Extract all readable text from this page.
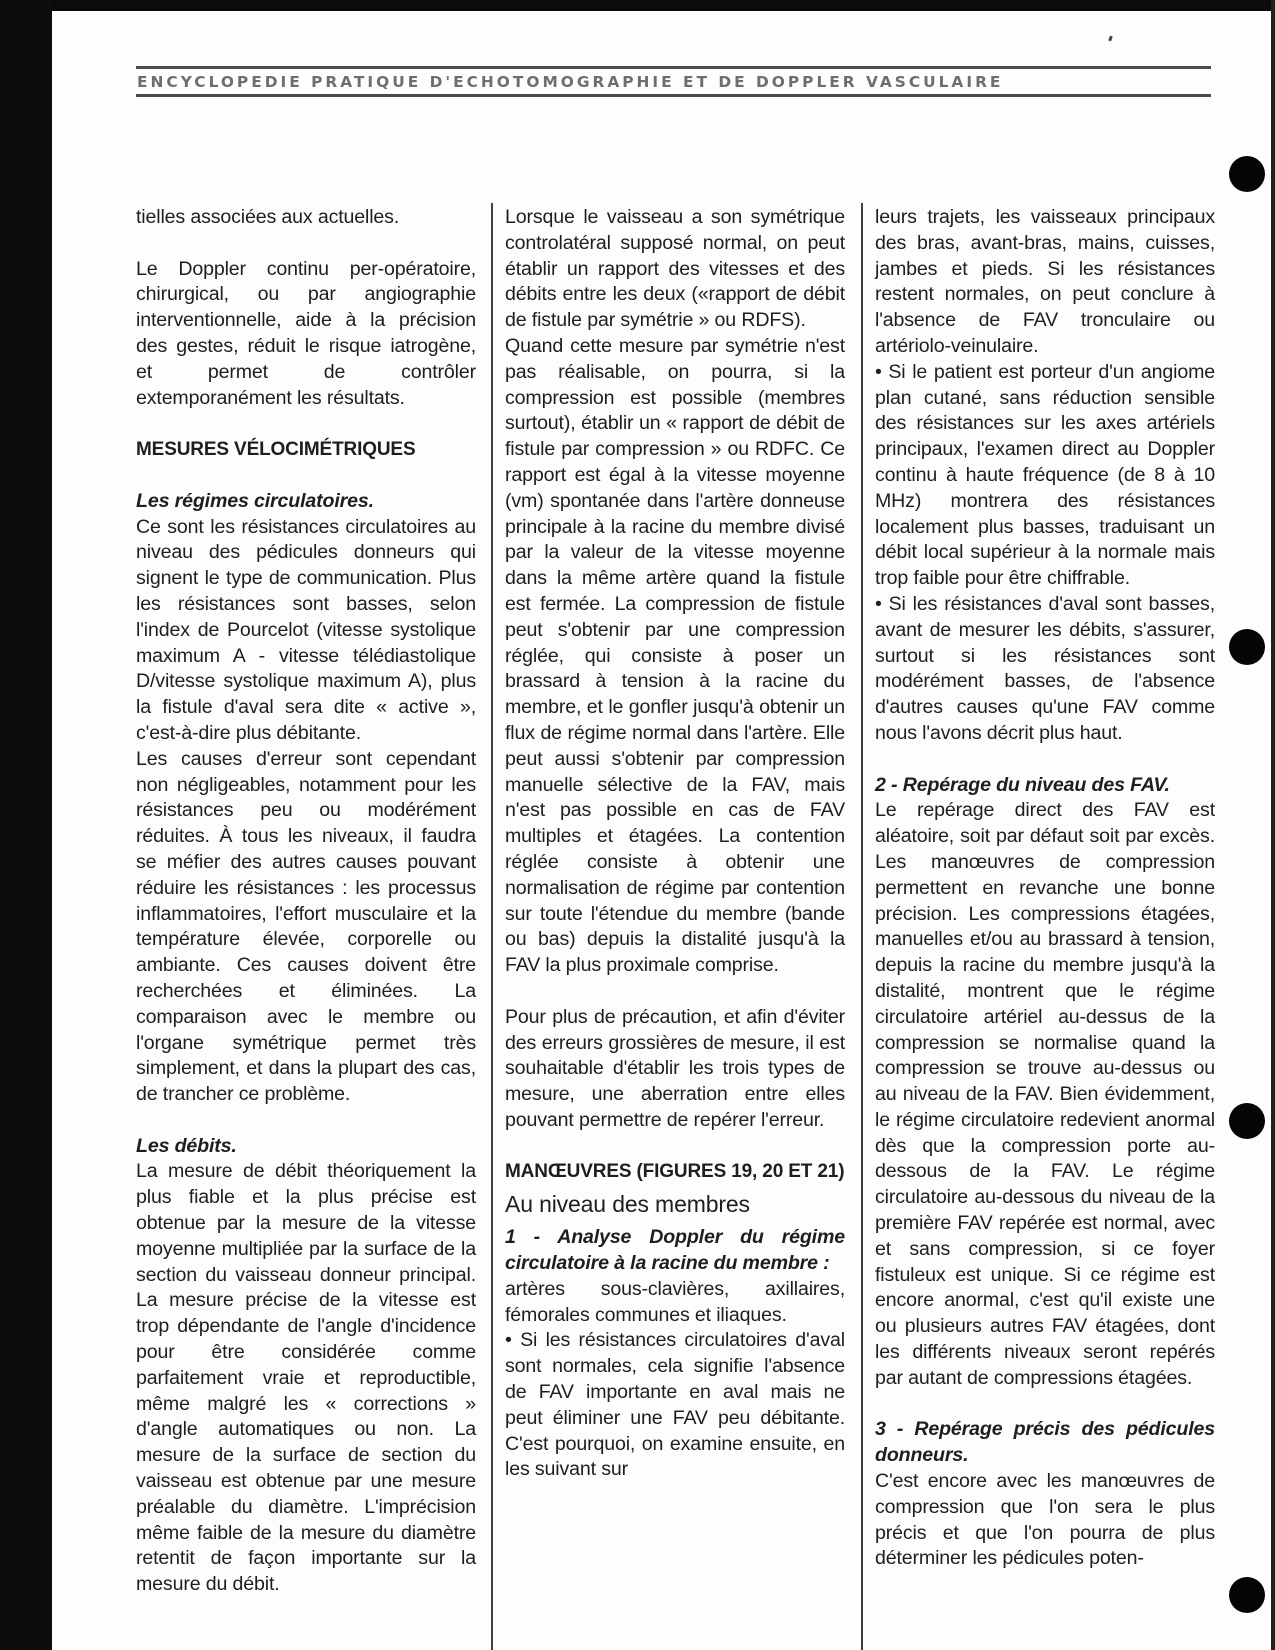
ENCYCLOPEDIE PRATIQUE D'ECHOTOMOGRAPHIE ET DE DOPPLER VASCULAIRE

tielles associées aux actuelles.

Le Doppler continu per-opératoire, chirurgical, ou par angiographie interventionnelle, aide à la précision des gestes, réduit le risque iatrogène, et permet de contrôler extemporanément les résultats.

MESURES VÉLOCIMÉTRIQUES

Les régimes circulatoires.

Ce sont les résistances circulatoires au niveau des pédicules donneurs qui signent le type de communication. Plus les résistances sont basses, selon l'index de Pourcelot (vitesse systolique maximum A - vitesse télédiastolique D/vitesse systolique maximum A), plus la fistule d'aval sera dite « active », c'est-à-dire plus débitante.

Les causes d'erreur sont cependant non négligeables, notamment pour les résistances peu ou modérément réduites. À tous les niveaux, il faudra se méfier des autres causes pouvant réduire les résistances : les processus inflammatoires, l'effort musculaire et la température élevée, corporelle ou ambiante. Ces causes doivent être recherchées et éliminées. La comparaison avec le membre ou l'organe symétrique permet très simplement, et dans la plupart des cas, de trancher ce problème.

Les débits.

La mesure de débit théoriquement la plus fiable et la plus précise est obtenue par la mesure de la vitesse moyenne multipliée par la surface de la section du vaisseau donneur principal. La mesure précise de la vitesse est trop dépendante de l'angle d'incidence pour être considérée comme parfaitement vraie et reproductible, même malgré les « corrections » d'angle automatiques ou non. La mesure de la surface de section du vaisseau est obtenue par une mesure préalable du diamètre. L'imprécision même faible de la mesure du diamètre retentit de façon importante sur la mesure du débit.

Lorsque le vaisseau a son symétrique controlatéral supposé normal, on peut établir un rapport des vitesses et des débits entre les deux («rapport de débit de fistule par symétrie » ou RDFS).

Quand cette mesure par symétrie n'est pas réalisable, on pourra, si la compression est possible (membres surtout), établir un « rapport de débit de fistule par compression » ou RDFC. Ce rapport est égal à la vitesse moyenne (vm) spontanée dans l'artère donneuse principale à la racine du membre divisé par la valeur de la vitesse moyenne dans la même artère quand la fistule est fermée. La compression de fistule peut s'obtenir par une compression réglée, qui consiste à poser un brassard à tension à la racine du membre, et le gonfler jusqu'à obtenir un flux de régime normal dans l'artère. Elle peut aussi s'obtenir par compression manuelle sélective de la FAV, mais n'est pas possible en cas de FAV multiples et étagées. La contention réglée consiste à obtenir une normalisation de régime par contention sur toute l'étendue du membre (bande ou bas) depuis la distalité jusqu'à la FAV la plus proximale comprise.

Pour plus de précaution, et afin d'éviter des erreurs grossières de mesure, il est souhaitable d'établir les trois types de mesure, une aberration entre elles pouvant permettre de repérer l'erreur.

MANŒUVRES (FIGURES 19, 20 ET 21)

Au niveau des membres

1 - Analyse Doppler du régime circulatoire à la racine du membre :

artères sous-clavières, axillaires, fémorales communes et iliaques.

• Si les résistances circulatoires d'aval sont normales, cela signifie l'absence de FAV importante en aval mais ne peut éliminer une FAV peu débitante. C'est pourquoi, on examine ensuite, en les suivant sur

leurs trajets, les vaisseaux principaux des bras, avant-bras, mains, cuisses, jambes et pieds. Si les résistances restent normales, on peut conclure à l'absence de FAV tronculaire ou artériolo-veinulaire.

• Si le patient est porteur d'un angiome plan cutané, sans réduction sensible des résistances sur les axes artériels principaux, l'examen direct au Doppler continu à haute fréquence (de 8 à 10 MHz) montrera des résistances localement plus basses, traduisant un débit local supérieur à la normale mais trop faible pour être chiffrable.

• Si les résistances d'aval sont basses, avant de mesurer les débits, s'assurer, surtout si les résistances sont modérément basses, de l'absence d'autres causes qu'une FAV comme nous l'avons décrit plus haut.

2 - Repérage du niveau des FAV.

Le repérage direct des FAV est aléatoire, soit par défaut soit par excès. Les manœuvres de compression permettent en revanche une bonne précision. Les compressions étagées, manuelles et/ou au brassard à tension, depuis la racine du membre jusqu'à la distalité, montrent que le régime circulatoire artériel au-dessus de la compression se normalise quand la compression se trouve au-dessus ou au niveau de la FAV. Bien évidemment, le régime circulatoire redevient anormal dès que la compression porte au-dessous de la FAV. Le régime circulatoire au-dessous du niveau de la première FAV repérée est normal, avec et sans compression, si ce foyer fistuleux est unique. Si ce régime est encore anormal, c'est qu'il existe une ou plusieurs autres FAV étagées, dont les différents niveaux seront repérés par autant de compressions étagées.

3 - Repérage précis des pédicules donneurs.

C'est encore avec les manœuvres de compression que l'on sera le plus précis et que l'on pourra de plus déterminer les pédicules poten-
